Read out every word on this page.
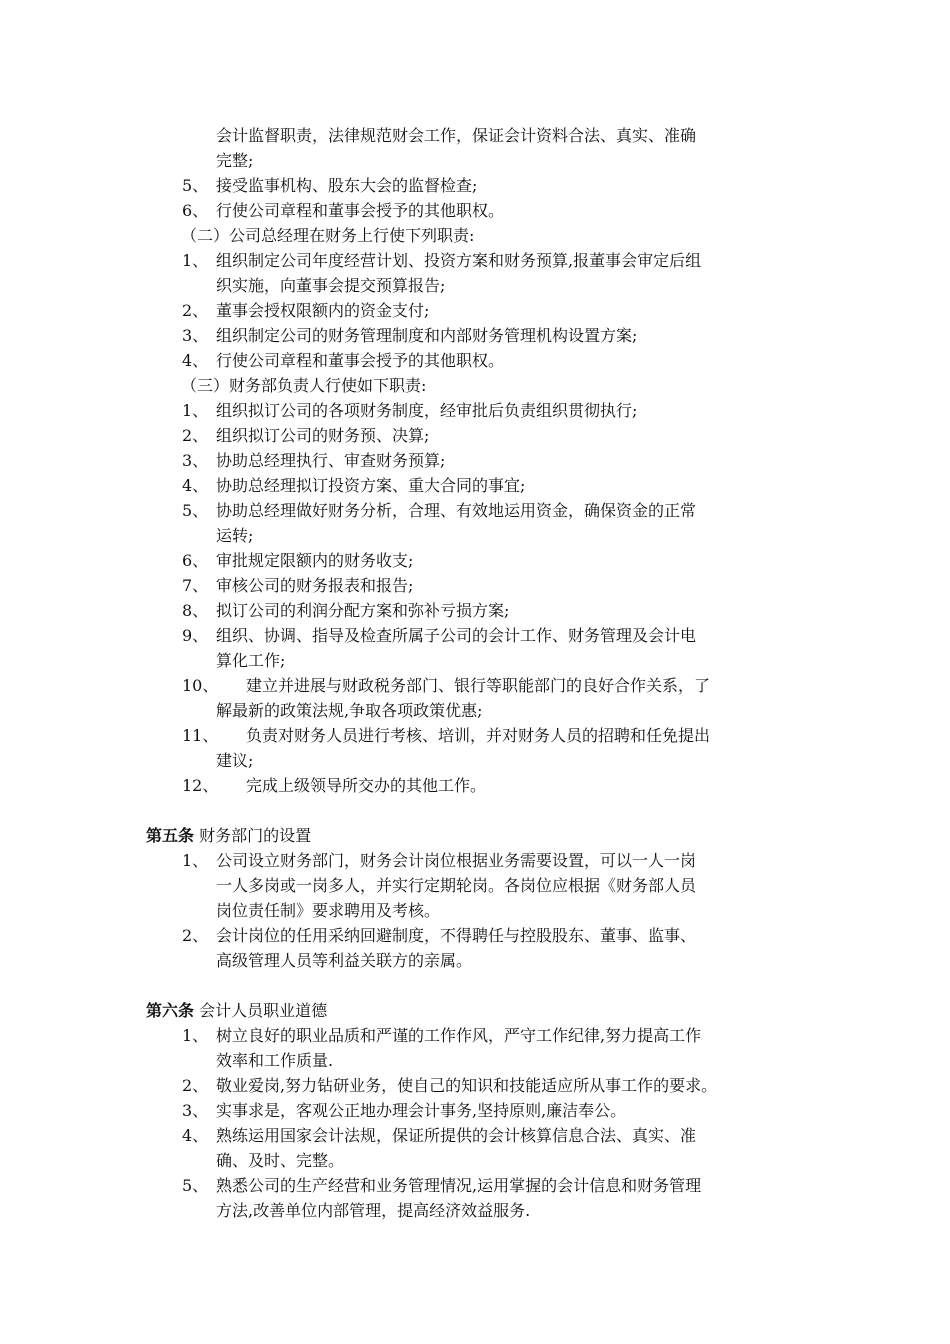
会计监督职责，法律规范财会工作，保证会计资料合法、真实、准确
完整;
5、 接受监事机构、股东大会的监督检查;
6、 行使公司章程和董事会授予的其他职权。
（二）公司总经理在财务上行使下列职责:
1、 组织制定公司年度经营计划、投资方案和财务预算,报董事会审定后组
织实施，向董事会提交预算报告;
2、 董事会授权限额内的资金支付;
3、 组织制定公司的财务管理制度和内部财务管理机构设置方案;
4、 行使公司章程和董事会授予的其他职权。
（三）财务部负责人行使如下职责:
1、 组织拟订公司的各项财务制度，经审批后负责组织贯彻执行;
2、 组织拟订公司的财务预、决算;
3、 协助总经理执行、审查财务预算;
4、 协助总经理拟订投资方案、重大合同的事宜;
5、 协助总经理做好财务分析，合理、有效地运用资金，确保资金的正常
运转;
6、 审批规定限额内的财务收支;
7、 审核公司的财务报表和报告;
8、 拟订公司的利润分配方案和弥补亏损方案;
9、 组织、协调、指导及检查所属子公司的会计工作、财务管理及会计电
算化工作;
10、 建立并进展与财政税务部门、银行等职能部门的良好合作关系，了
解最新的政策法规,争取各项政策优惠;
11、 负责对财务人员进行考核、培训，并对财务人员的招聘和任免提出
建议;
12、 完成上级领导所交办的其他工作。
第五条 财务部门的设置
1、 公司设立财务部门，财务会计岗位根据业务需要设置，可以一人一岗
一人多岗或一岗多人，并实行定期轮岗。各岗位应根据《财务部人员
岗位责任制》要求聘用及考核。
2、 会计岗位的任用采纳回避制度，不得聘任与控股股东、董事、监事、
高级管理人员等利益关联方的亲属。
第六条 会计人员职业道德
1、 树立良好的职业品质和严谨的工作作风，严守工作纪律,努力提高工作
效率和工作质量.
2、 敬业爱岗,努力钻研业务，使自己的知识和技能适应所从事工作的要求。
3、 实事求是，客观公正地办理会计事务,坚持原则,廉洁奉公。
4、 熟练运用国家会计法规，保证所提供的会计核算信息合法、真实、准
确、及时、完整。
5、 熟悉公司的生产经营和业务管理情况,运用掌握的会计信息和财务管理
方法,改善单位内部管理，提高经济效益服务.
